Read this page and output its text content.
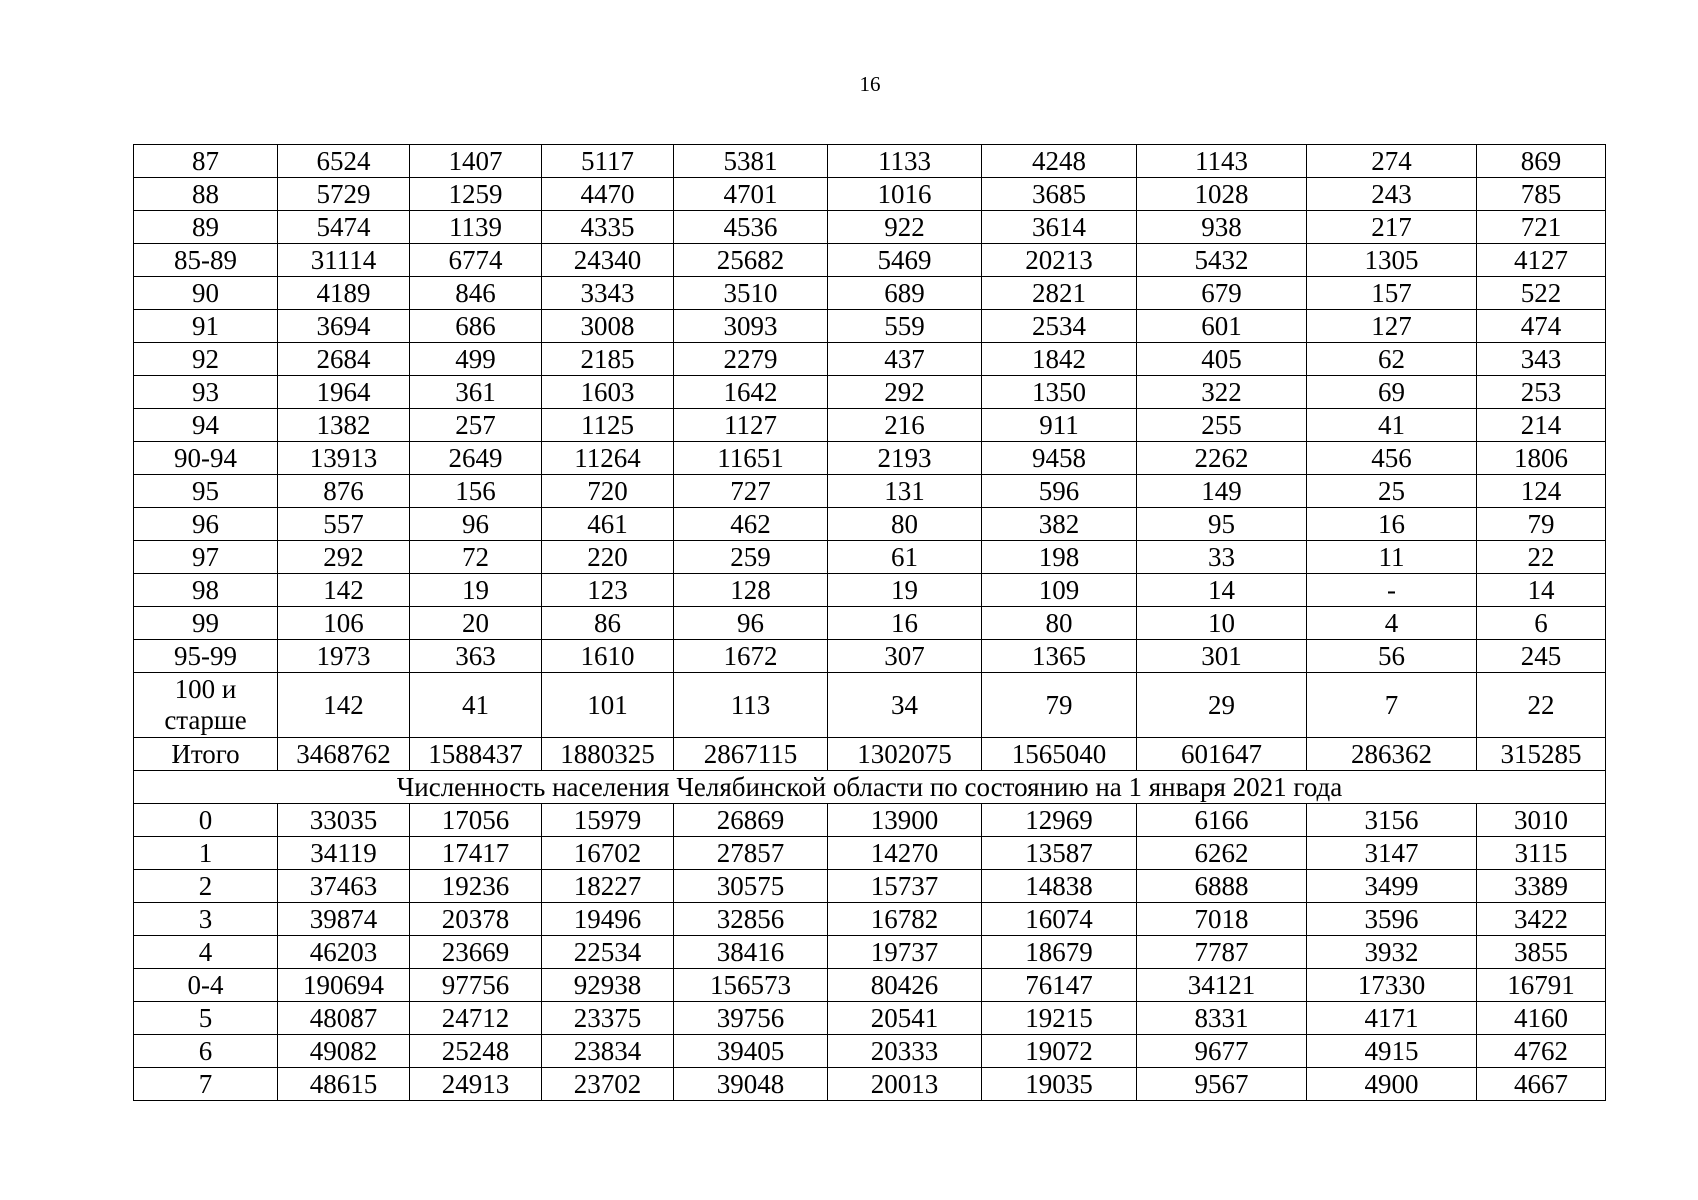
16
87	6524	1407	5117	5381	1133	4248	1143	274	869
88	5729	1259	4470	4701	1016	3685	1028	243	785
89	5474	1139	4335	4536	922	3614	938	217	721
85-89	31114	6774	24340	25682	5469	20213	5432	1305	4127
90	4189	846	3343	3510	689	2821	679	157	522
91	3694	686	3008	3093	559	2534	601	127	474
92	2684	499	2185	2279	437	1842	405	62	343
93	1964	361	1603	1642	292	1350	322	69	253
94	1382	257	1125	1127	216	911	255	41	214
90-94	13913	2649	11264	11651	2193	9458	2262	456	1806
95	876	156	720	727	131	596	149	25	124
96	557	96	461	462	80	382	95	16	79
97	292	72	220	259	61	198	33	11	22
98	142	19	123	128	19	109	14	-	14
99	106	20	86	96	16	80	10	4	6
95-99	1973	363	1610	1672	307	1365	301	56	245
100 и
старше	142	41	101	113	34	79	29	7	22
Итого	3468762	1588437	1880325	2867115	1302075	1565040	601647	286362	315285
Численность населения Челябинской области по состоянию на 1 января 2021 года									
0	33035	17056	15979	26869	13900	12969	6166	3156	3010
1	34119	17417	16702	27857	14270	13587	6262	3147	3115
2	37463	19236	18227	30575	15737	14838	6888	3499	3389
3	39874	20378	19496	32856	16782	16074	7018	3596	3422
4	46203	23669	22534	38416	19737	18679	7787	3932	3855
0-4	190694	97756	92938	156573	80426	76147	34121	17330	16791
5	48087	24712	23375	39756	20541	19215	8331	4171	4160
6	49082	25248	23834	39405	20333	19072	9677	4915	4762
7	48615	24913	23702	39048	20013	19035	9567	4900	4667
